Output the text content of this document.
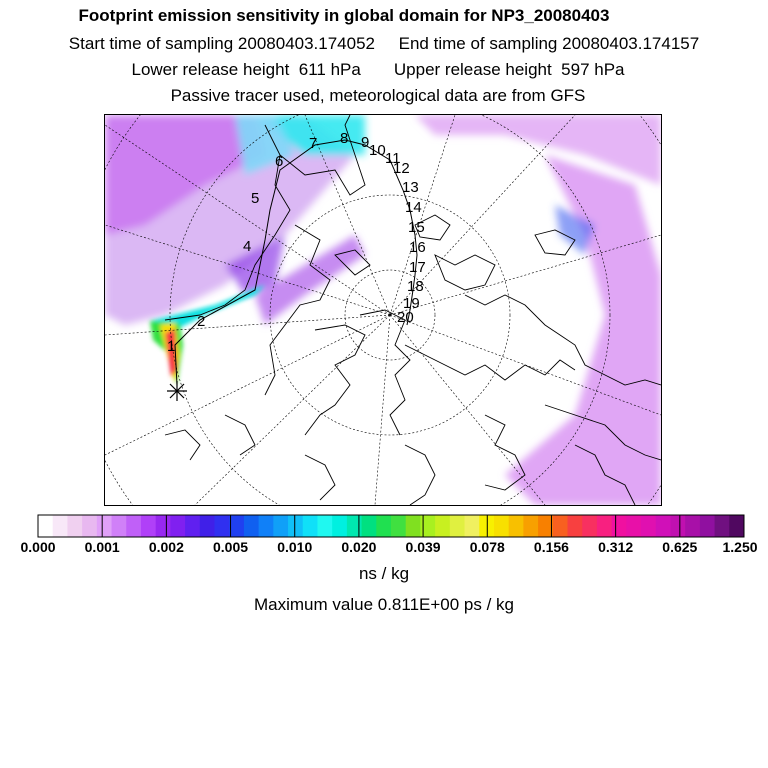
Footprint emission sensitivity in global domain for NP3_20080403
Start time of sampling 20080403.174052 End time of sampling 20080403.174157
Lower release height  611 hPa Upper release height  597 hPa
Passive tracer used, meteorological data are from GFS
1
2
4
5
6
7 8 9 10 11
12
13
14
15
16
17
18
19
20
0.000 0.001 0.002 0.005 0.010 0.020 0.039 0.078 0.156 0.312 0.625 1.250
ns / kg
Maximum value 0.811E+00 ps / kg
